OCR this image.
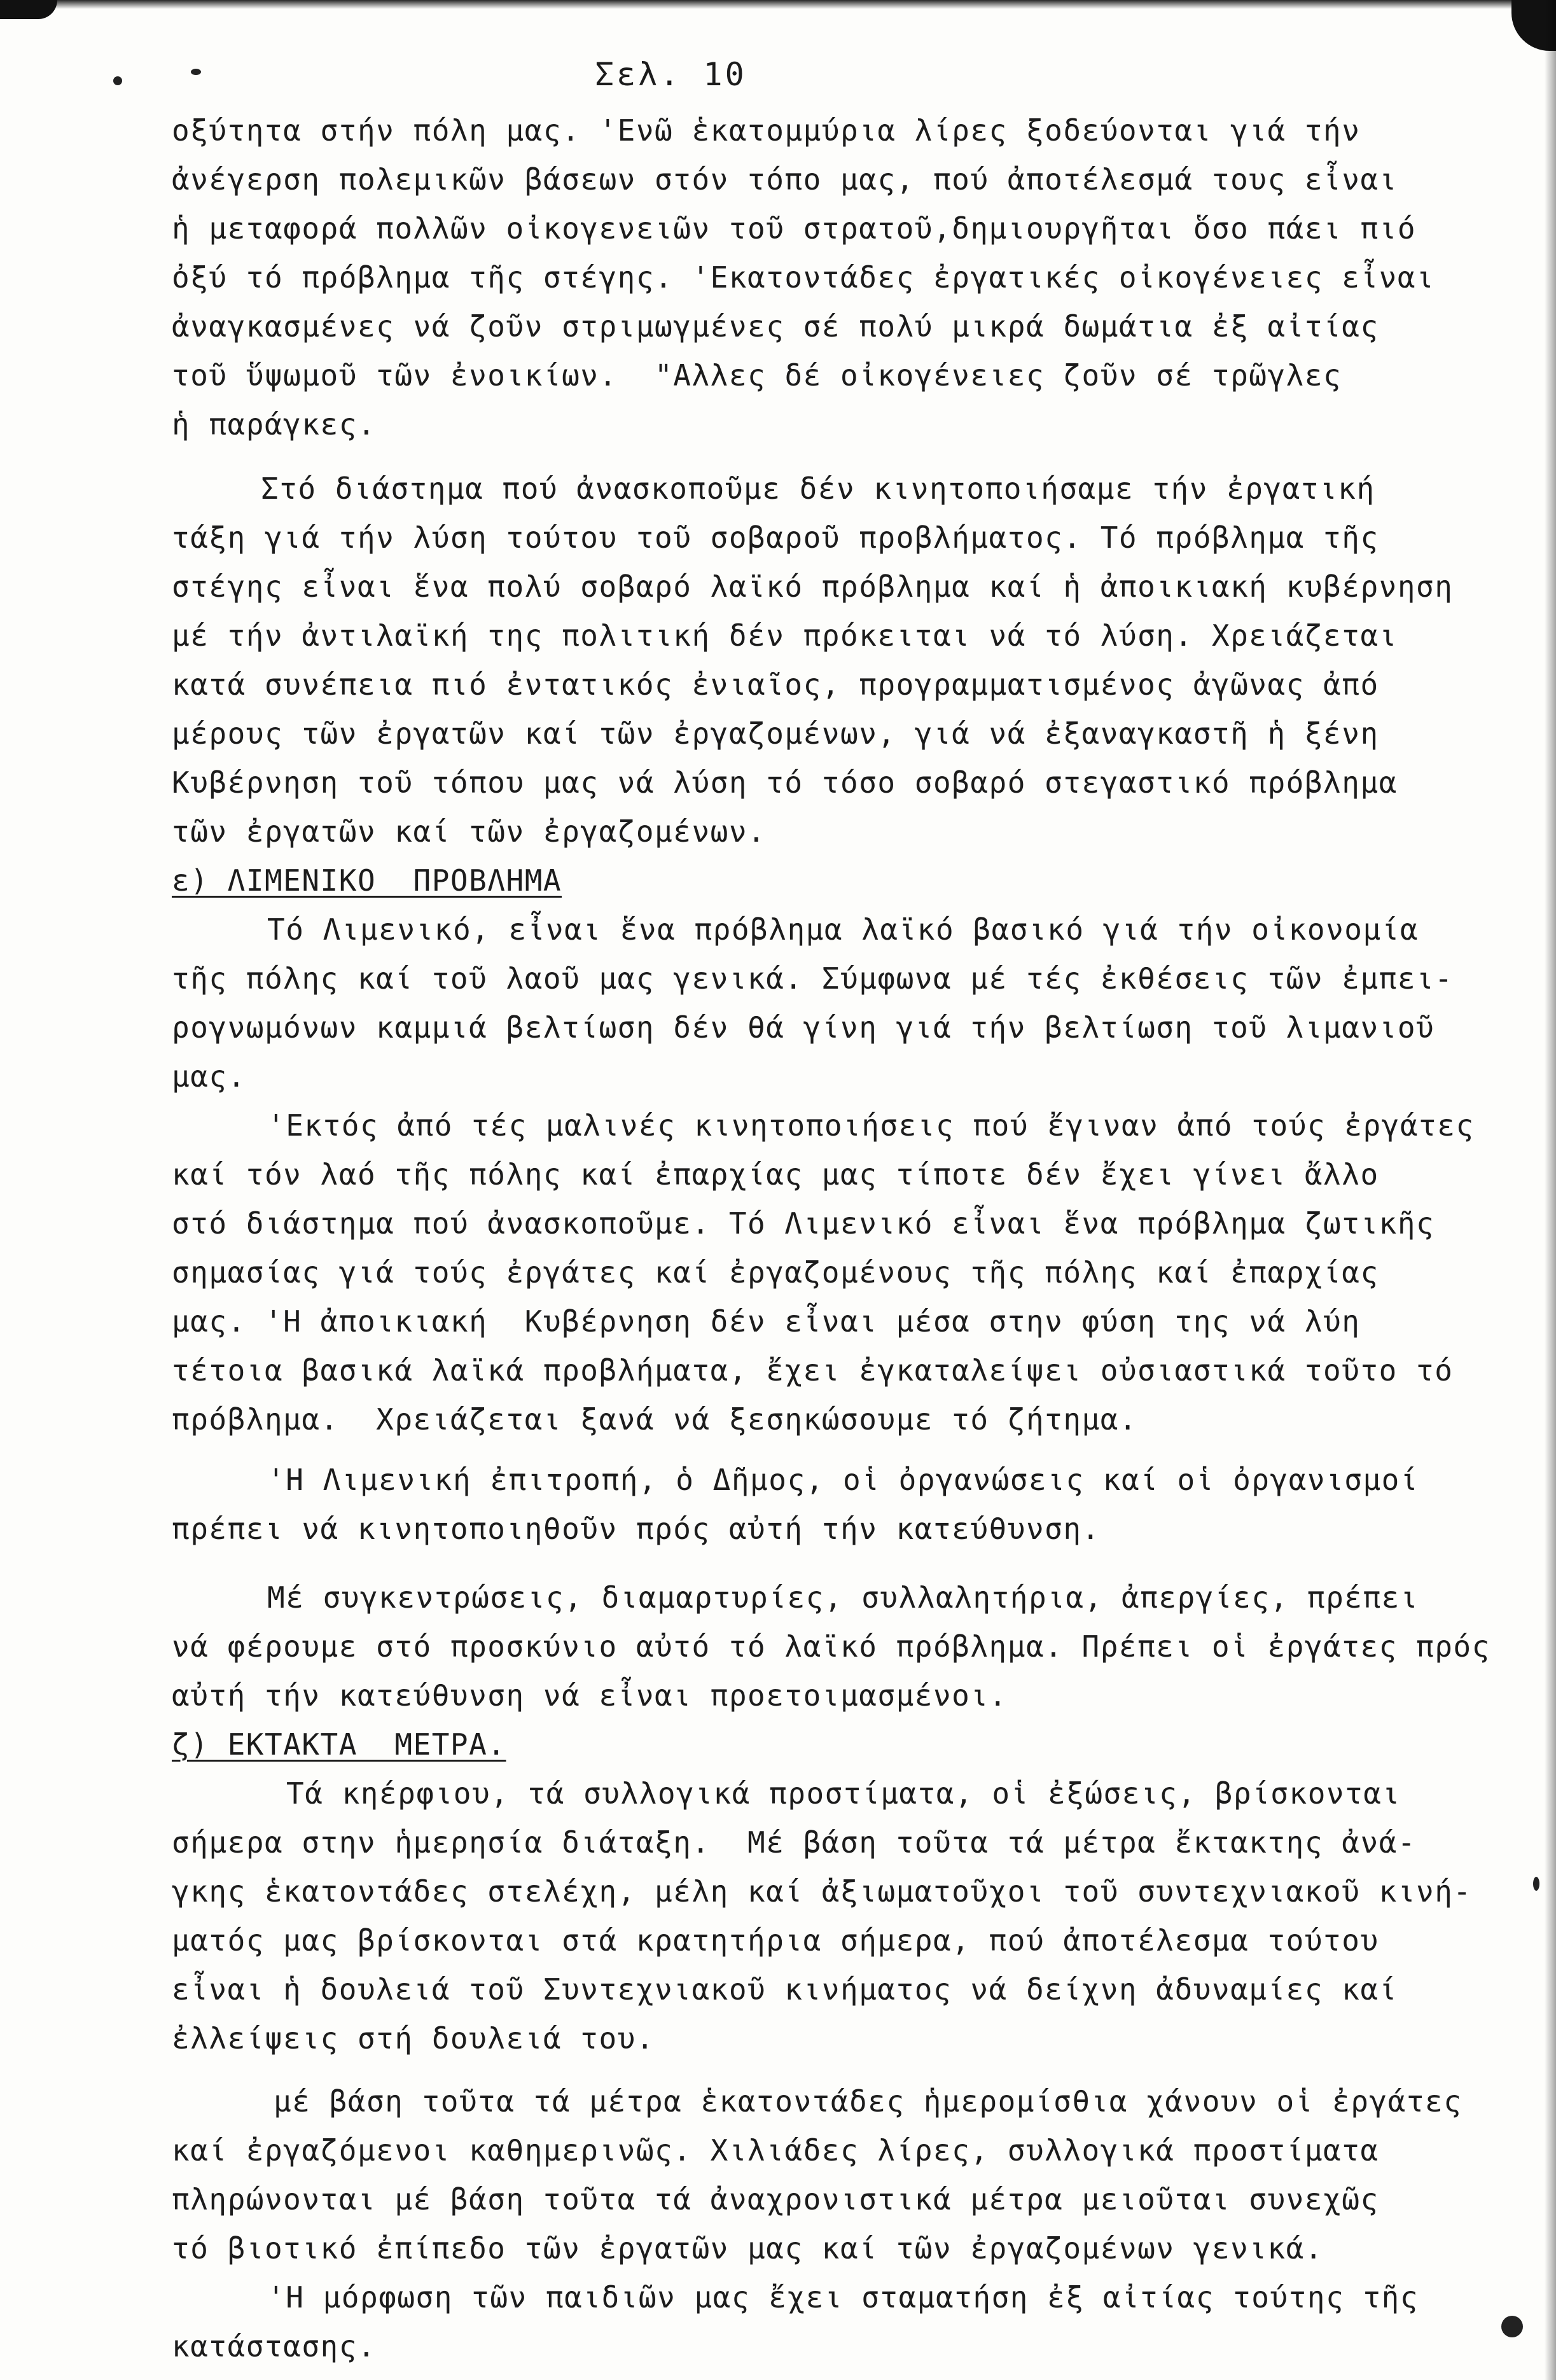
Σελ. 10
οξύτητα στήν πόλη μας. 'Ενῶ ἑκατομμύρια λίρες ξοδεύονται γιά τήν
ἀνέγερση πολεμικῶν βάσεων στόν τόπο μας, πού ἀποτέλεσμά τους εἶναι
ἡ μεταφορά πολλῶν οἰκογενειῶν τοῦ στρατοῦ,δημιουργῆται ὅσο πάει πιό
ὀξύ τό πρόβλημα τῆς στέγης. 'Εκατοντάδες ἐργατικές οἰκογένειες εἶναι
ἀναγκασμένες νά ζοῦν στριμωγμένες σέ πολύ μικρά δωμάτια ἐξ αἰτίας
τοῦ ὕψωμοῦ τῶν ἐνοικίων.  "Αλλες δέ οἰκογένειες ζοῦν σέ τρῶγλες
ἡ παράγκες.
Στό διάστημα πού ἀνασκοποῦμε δέν κινητοποιήσαμε τήν ἐργατική
τάξη γιά τήν λύση τούτου τοῦ σοβαροῦ προβλήματος. Τό πρόβλημα τῆς
στέγης εἶναι ἕνα πολύ σοβαρό λαϊκό πρόβλημα καί ἡ ἀποικιακή κυβέρνηση
μέ τήν ἀντιλαϊκή της πολιτική δέν πρόκειται νά τό λύση. Χρειάζεται
κατά συνέπεια πιό ἐντατικός ἐνιαῖος, προγραμματισμένος ἀγῶνας ἀπό
μέρους τῶν ἐργατῶν καί τῶν ἐργαζομένων, γιά νά ἐξαναγκαστῆ ἡ ξένη
Κυβέρνηση τοῦ τόπου μας νά λύση τό τόσο σοβαρό στεγαστικό πρόβλημα
τῶν ἐργατῶν καί τῶν ἐργαζομένων.
ε) ΛΙΜΕΝΙΚΟ  ΠΡΟΒΛΗΜΑ
Τό Λιμενικό, εἶναι ἕνα πρόβλημα λαϊκό βασικό γιά τήν οἰκονομία
τῆς πόλης καί τοῦ λαοῦ μας γενικά. Σύμφωνα μέ τές ἐκθέσεις τῶν ἐμπει-
ρογνωμόνων καμμιά βελτίωση δέν θά γίνη γιά τήν βελτίωση τοῦ λιμανιοῦ
μας.
'Εκτός ἀπό τές μαλινές κινητοποιήσεις πού ἔγιναν ἀπό τούς ἐργάτες
καί τόν λαό τῆς πόλης καί ἐπαρχίας μας τίποτε δέν ἔχει γίνει ἄλλο
στό διάστημα πού ἀνασκοποῦμε. Τό Λιμενικό εἶναι ἕνα πρόβλημα ζωτικῆς
σημασίας γιά τούς ἐργάτες καί ἐργαζομένους τῆς πόλης καί ἐπαρχίας
μας. 'Η ἀποικιακή  Κυβέρνηση δέν εἶναι μέσα στην φύση της νά λύη
τέτοια βασικά λαϊκά προβλήματα, ἔχει ἐγκαταλείψει οὐσιαστικά τοῦτο τό
πρόβλημα.  Χρειάζεται ξανά νά ξεσηκώσουμε τό ζήτημα.
'Η Λιμενική ἐπιτροπή, ὁ Δῆμος, οἱ ὀργανώσεις καί οἱ ὀργανισμοί
πρέπει νά κινητοποιηθοῦν πρός αὐτή τήν κατεύθυνση.
Μέ συγκεντρώσεις, διαμαρτυρίες, συλλαλητήρια, ἀπεργίες, πρέπει
νά φέρουμε στό προσκύνιο αὐτό τό λαϊκό πρόβλημα. Πρέπει οἱ ἐργάτες πρός
αὐτή τήν κατεύθυνση νά εἶναι προετοιμασμένοι.
ζ) ΕΚΤΑΚΤΑ  ΜΕΤΡΑ.
Τά κηέρφιου, τά συλλογικά προστίματα, οἱ ἐξώσεις, βρίσκονται
σήμερα στην ἡμερησία διάταξη.  Μέ βάση τοῦτα τά μέτρα ἔκτακτης ἀνά-
γκης ἑκατοντάδες στελέχη, μέλη καί ἀξιωματοῦχοι τοῦ συντεχνιακοῦ κινή-
ματός μας βρίσκονται στά κρατητήρια σήμερα, πού ἀποτέλεσμα τούτου
εἶναι ἡ δουλειά τοῦ Συντεχνιακοῦ κινήματος νά δείχνη ἀδυναμίες καί
ἐλλείψεις στή δουλειά του.
μέ βάση τοῦτα τά μέτρα ἑκατοντάδες ἡμερομίσθια χάνουν οἱ ἐργάτες
καί ἐργαζόμενοι καθημερινῶς. Χιλιάδες λίρες, συλλογικά προστίματα
πληρώνονται μέ βάση τοῦτα τά ἀναχρονιστικά μέτρα μειοῦται συνεχῶς
τό βιοτικό ἐπίπεδο τῶν ἐργατῶν μας καί τῶν ἐργαζομένων γενικά.
'Η μόρφωση τῶν παιδιῶν μας ἔχει σταματήση ἐξ αἰτίας τούτης τῆς
κατάστασης.
